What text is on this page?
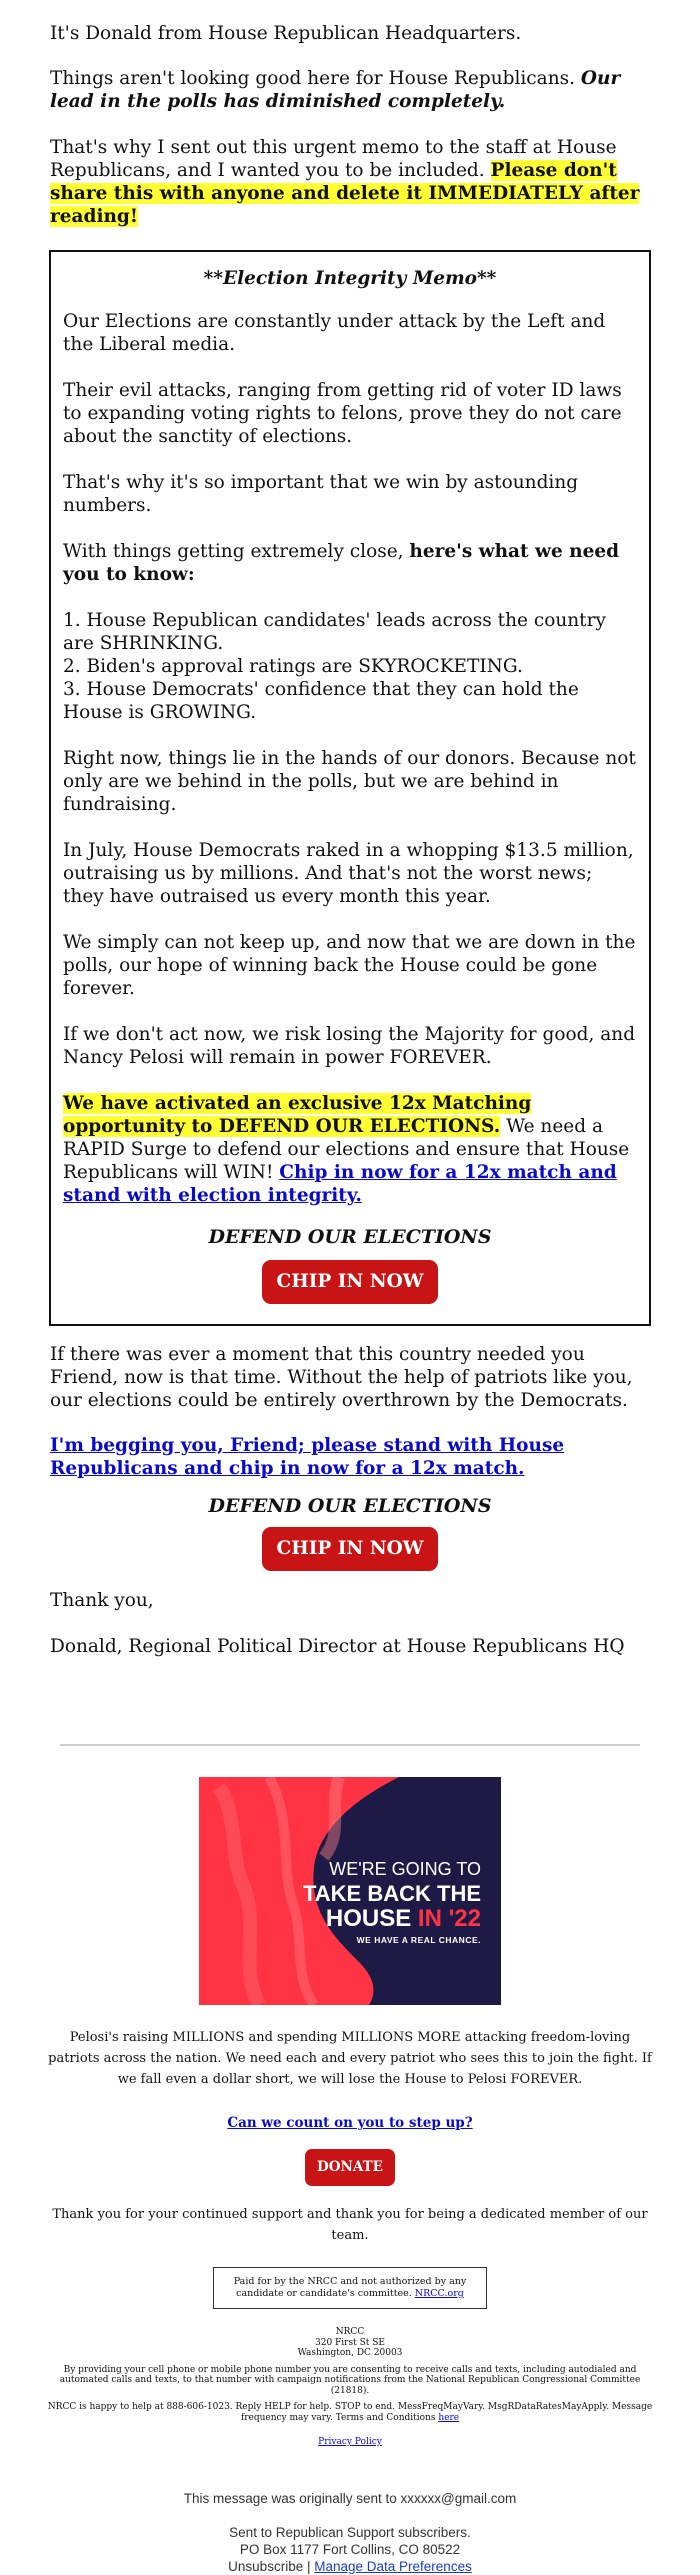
It's Donald from House Republican Headquarters.

Things aren't looking good here for House Republicans. Our lead in the polls has diminished completely.

That's why I sent out this urgent memo to the staff at House Republicans, and I wanted you to be included. Please don't share this with anyone and delete it IMMEDIATELY after reading!

**Election Integrity Memo**

Our Elections are constantly under attack by the Left and the Liberal media.

Their evil attacks, ranging from getting rid of voter ID laws to expanding voting rights to felons, prove they do not care about the sanctity of elections.

That's why it's so important that we win by astounding numbers.

With things getting extremely close, here's what we need you to know:

1. House Republican candidates' leads across the country are SHRINKING.

2. Biden's approval ratings are SKYROCKETING.

3. House Democrats' confidence that they can hold the House is GROWING.

Right now, things lie in the hands of our donors. Because not only are we behind in the polls, but we are behind in fundraising.

In July, House Democrats raked in a whopping $13.5 million, outraising us by millions. And that's not the worst news; they have outraised us every month this year.

We simply can not keep up, and now that we are down in the polls, our hope of winning back the House could be gone forever.

If we don't act now, we risk losing the Majority for good, and Nancy Pelosi will remain in power FOREVER.

We have activated an exclusive 12x Matching opportunity to DEFEND OUR ELECTIONS. We need a RAPID Surge to defend our elections and ensure that House Republicans will WIN! Chip in now for a 12x match and stand with election integrity.

DEFEND OUR ELECTIONS
CHIP IN NOW

If there was ever a moment that this country needed you Friend, now is that time. Without the help of patriots like you, our elections could be entirely overthrown by the Democrats.

I'm begging you, Friend; please stand with House Republicans and chip in now for a 12x match.

DEFEND OUR ELECTIONS
CHIP IN NOW

Thank you,

Donald, Regional Political Director at House Republicans HQ

WE'RE GOING TO
TAKE BACK THE
HOUSE IN '22
WE HAVE A REAL CHANCE.

Pelosi's raising MILLIONS and spending MILLIONS MORE attacking freedom-loving patriots across the nation. We need each and every patriot who sees this to join the fight. If we fall even a dollar short, we will lose the House to Pelosi FOREVER.

Can we count on you to step up?

DONATE

Thank you for your continued support and thank you for being a dedicated member of our team.

Paid for by the NRCC and not authorized by any candidate or candidate's committee. NRCC.org

NRCC

320 First St SE

Washington, DC 20003

By providing your cell phone or mobile phone number you are consenting to receive calls and texts, including autodialed and automated calls and texts, to that number with campaign notifications from the National Republican Congressional Committee (21818).

NRCC is happy to help at 888-606-1023. Reply HELP for help. STOP to end. MessFreqMayVary. MsgRDataRatesMayApply. Message frequency may vary. Terms and Conditions here

Privacy Policy

This message was originally sent to xxxxxx@gmail.com

Sent to Republican Support subscribers.

PO Box 1177 Fort Collins, CO 80522

Unsubscribe | Manage Data Preferences
